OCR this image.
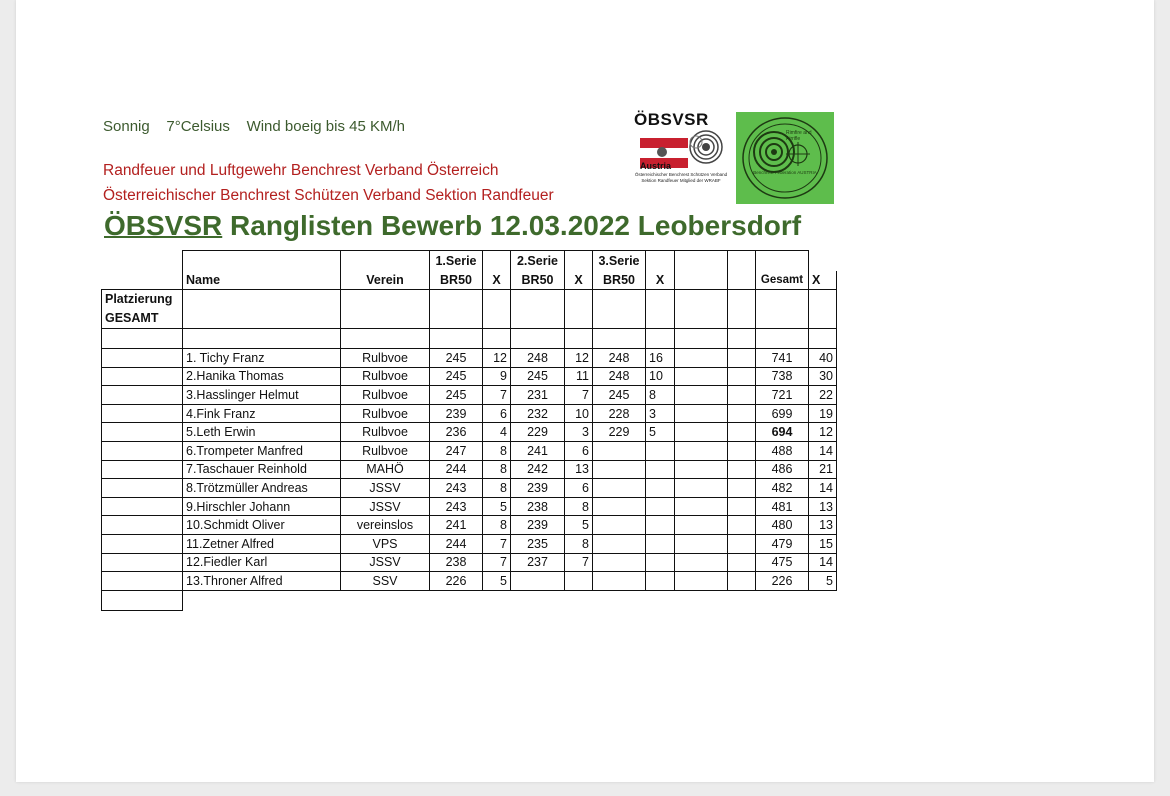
Sonnig    7°Celsius    Wind boeig bis 45 KM/h
Randfeuer und Luftgewehr Benchrest Verband Österreich
Österreichischer Benchrest Schützen Verband Sektion Randfeuer
ÖBSVSR Ranglisten Bewerb 12.03.2022 Leobersdorf
ÖBSVSR
Austria
Österreichischer Benchrest Schützen Verband Sektion Randfeuer Mitglied der WRABF
Rimfire and Airrifle
Benchrest Federation AUSTRIA
			1.Serie		2.Serie		3.Serie					
	Name	Verein	BR50	X	BR50	X	BR50	X			Gesamt	X
Platzierung
GESAMT												

	1. Tichy Franz	Rulbvoe	245	12	248	12	248	16			741	40
	2.Hanika Thomas	Rulbvoe	245	9	245	11	248	10			738	30
	3.Hasslinger Helmut	Rulbvoe	245	7	231	7	245	8			721	22
	4.Fink Franz	Rulbvoe	239	6	232	10	228	3			699	19
	5.Leth Erwin	Rulbvoe	236	4	229	3	229	5			694	12
	6.Trompeter Manfred	Rulbvoe	247	8	241	6					488	14
	7.Taschauer Reinhold	MAHÖ	244	8	242	13					486	21
	8.Trötzmüller Andreas	JSSV	243	8	239	6					482	14
	9.Hirschler Johann	JSSV	243	5	238	8					481	13
	10.Schmidt Oliver	vereinslos	241	8	239	5					480	13
	11.Zetner Alfred	VPS	244	7	235	8					479	15
	12.Fiedler Karl	JSSV	238	7	237	7					475	14
	13.Throner Alfred	SSV	226	5							226	5
